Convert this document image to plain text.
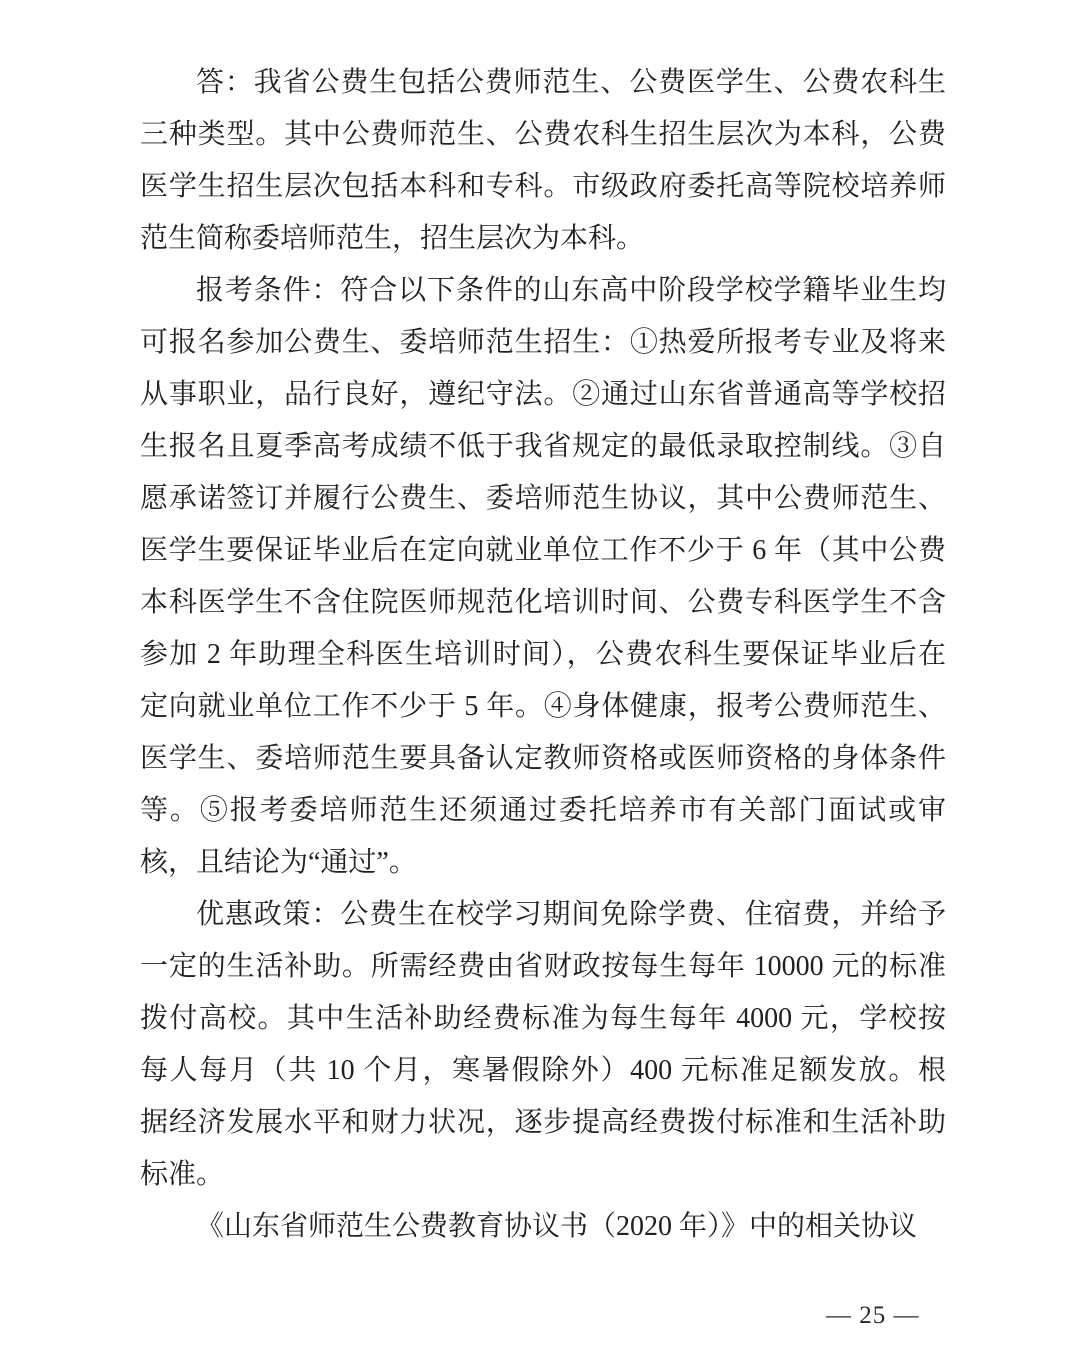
答：我省公费生包括公费师范生、公费医学生、公费农科生
三种类型。其中公费师范生、公费农科生招生层次为本科，公费
医学生招生层次包括本科和专科。市级政府委托高等院校培养师
范生简称委培师范生，招生层次为本科。
报考条件：符合以下条件的山东高中阶段学校学籍毕业生均
可报名参加公费生、委培师范生招生：①热爱所报考专业及将来
从事职业，品行良好，遵纪守法。②通过山东省普通高等学校招
生报名且夏季高考成绩不低于我省规定的最低录取控制线。③自
愿承诺签订并履行公费生、委培师范生协议，其中公费师范生、
医学生要保证毕业后在定向就业单位工作不少于 6 年（其中公费
本科医学生不含住院医师规范化培训时间、公费专科医学生不含
参加 2 年助理全科医生培训时间），公费农科生要保证毕业后在
定向就业单位工作不少于 5 年。④身体健康，报考公费师范生、
医学生、委培师范生要具备认定教师资格或医师资格的身体条件
等。⑤报考委培师范生还须通过委托培养市有关部门面试或审
核，且结论为“通过”。
优惠政策：公费生在校学习期间免除学费、住宿费，并给予
一定的生活补助。所需经费由省财政按每生每年 10000 元的标准
拨付高校。其中生活补助经费标准为每生每年 4000 元，学校按
每人每月（共 10 个月，寒暑假除外）400 元标准足额发放。根
据经济发展水平和财力状况，逐步提高经费拨付标准和生活补助
标准。
《山东省师范生公费教育协议书（2020 年）》中的相关协议
— 25 —
